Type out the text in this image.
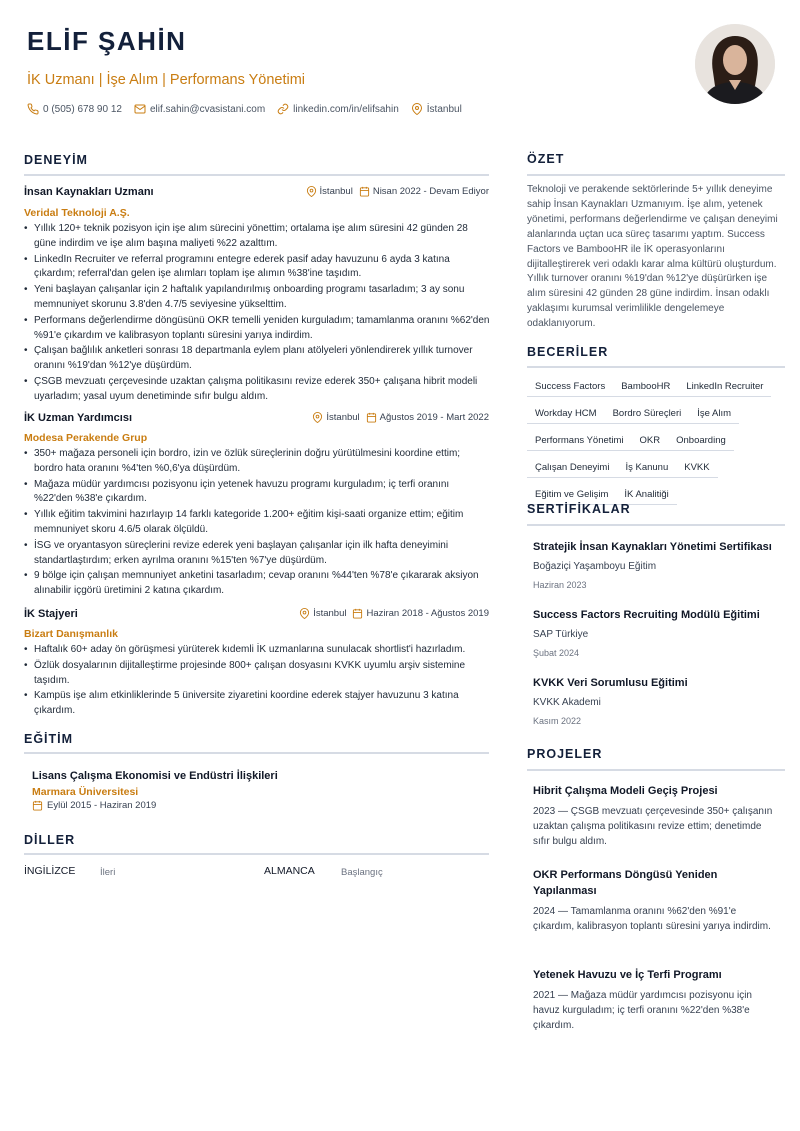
ELİF ŞAHİN
İK Uzmanı | İşe Alım | Performans Yönetimi
0 (505) 678 90 12	elif.sahin@cvasistani.com	linkedin.com/in/elifsahin	İstanbul
DENEYİM
İnsan Kaynakları Uzmanı	İstanbul Nisan 2022 - Devam Ediyor
Veridal Teknoloji A.Ş.
• Yıllık 120+ teknik pozisyon için işe alım sürecini yönettim; ortalama işe alım süresini 42 günden 28 güne indirdim ve işe alım başına maliyeti %22 azalttım.
• LinkedIn Recruiter ve referral programını entegre ederek pasif aday havuzunu 6 ayda 3 katına çıkardım; referral'dan gelen işe alımları toplam işe alımın %38'ine taşıdım.
• Yeni başlayan çalışanlar için 2 haftalık yapılandırılmış onboarding programı tasarladım; 3 ay sonu memnuniyet skorunu 3.8'den 4.7/5 seviyesine yükselttim.
• Performans değerlendirme döngüsünü OKR temelli yeniden kurguladım; tamamlanma oranını %62'den %91'e çıkardım ve kalibrasyon toplantı süresini yarıya indirdim.
• Çalışan bağlılık anketleri sonrası 18 departmanla eylem planı atölyeleri yönlendirerek yıllık turnover oranını %19'dan %12'ye düşürdüm.
• ÇSGB mevzuatı çerçevesinde uzaktan çalışma politikasını revize ederek 350+ çalışana hibrit modeli uyarladım; yasal uyum denetiminde sıfır bulgu aldım.
İK Uzman Yardımcısı	İstanbul Ağustos 2019 - Mart 2022
Modesa Perakende Grup
• 350+ mağaza personeli için bordro, izin ve özlük süreçlerinin doğru yürütülmesini koordine ettim; bordro hata oranını %4'ten %0,6'ya düşürdüm.
• Mağaza müdür yardımcısı pozisyonu için yetenek havuzu programı kurguladım; iç terfi oranını %22'den %38'e çıkardım.
• Yıllık eğitim takvimini hazırlayıp 14 farklı kategoride 1.200+ eğitim kişi-saati organize ettim; eğitim memnuniyet skoru 4.6/5 olarak ölçüldü.
• İSG ve oryantasyon süreçlerini revize ederek yeni başlayan çalışanlar için ilk hafta deneyimini standartlaştırdım; erken ayrılma oranını %15'ten %7'ye düşürdüm.
• 9 bölge için çalışan memnuniyet anketini tasarladım; cevap oranını %44'ten %78'e çıkararak aksiyon alınabilir içgörü üretimini 2 katına çıkardım.
İK Stajyeri	İstanbul Haziran 2018 - Ağustos 2019
Bizart Danışmanlık
• Haftalık 60+ aday ön görüşmesi yürüterek kıdemli İK uzmanlarına sunulacak shortlist'i hazırladım.
• Özlük dosyalarının dijitalleştirme projesinde 800+ çalışan dosyasını KVKK uyumlu arşiv sistemine taşıdım.
• Kampüs işe alım etkinliklerinde 5 üniversite ziyaretini koordine ederek stajyer havuzunu 3 katına çıkardım.
EĞİTİM
Lisans Çalışma Ekonomisi ve Endüstri İlişkileri
Marmara Üniversitesi
Eylül 2015 - Haziran 2019
DİLLER
İNGİLİZCE	İleri	ALMANCA	Başlangıç
ÖZET
Teknoloji ve perakende sektörlerinde 5+ yıllık deneyime sahip İnsan Kaynakları Uzmanıyım. İşe alım, yetenek yönetimi, performans değerlendirme ve çalışan deneyimi alanlarında uçtan uca süreç tasarımı yaptım. Success Factors ve BambooHR ile İK operasyonlarını dijitalleştirerek veri odaklı karar alma kültürü oluşturdum. Yıllık turnover oranını %19'dan %12'ye düşürürken işe alım süresini 42 günden 28 güne indirdim. İnsan odaklı yaklaşımı kurumsal verimlilikle dengelemeye odaklanıyorum.
BECERİLER
Success Factors	BambooHR	LinkedIn Recruiter
Workday HCM	Bordro Süreçleri	İşe Alım
Performans Yönetimi	OKR	Onboarding
Çalışan Deneyimi	İş Kanunu	KVKK
Eğitim ve Gelişim	İK Analitiği
SERTİFİKALAR
Stratejik İnsan Kaynakları Yönetimi Sertifikası
Boğaziçi Yaşamboyu Eğitim
Haziran 2023
Success Factors Recruiting Modülü Eğitimi
SAP Türkiye
Şubat 2024
KVKK Veri Sorumlusu Eğitimi
KVKK Akademi
Kasım 2022
PROJELER
Hibrit Çalışma Modeli Geçiş Projesi
2023 — ÇSGB mevzuatı çerçevesinde 350+ çalışanın uzaktan çalışma politikasını revize ettim; denetimde sıfır bulgu aldım.
OKR Performans Döngüsü Yeniden Yapılanması
2024 — Tamamlanma oranını %62'den %91'e çıkardım, kalibrasyon toplantı süresini yarıya indirdim.
Yetenek Havuzu ve İç Terfi Programı
2021 — Mağaza müdür yardımcısı pozisyonu için havuz kurguladım; iç terfi oranını %22'den %38'e çıkardım.
